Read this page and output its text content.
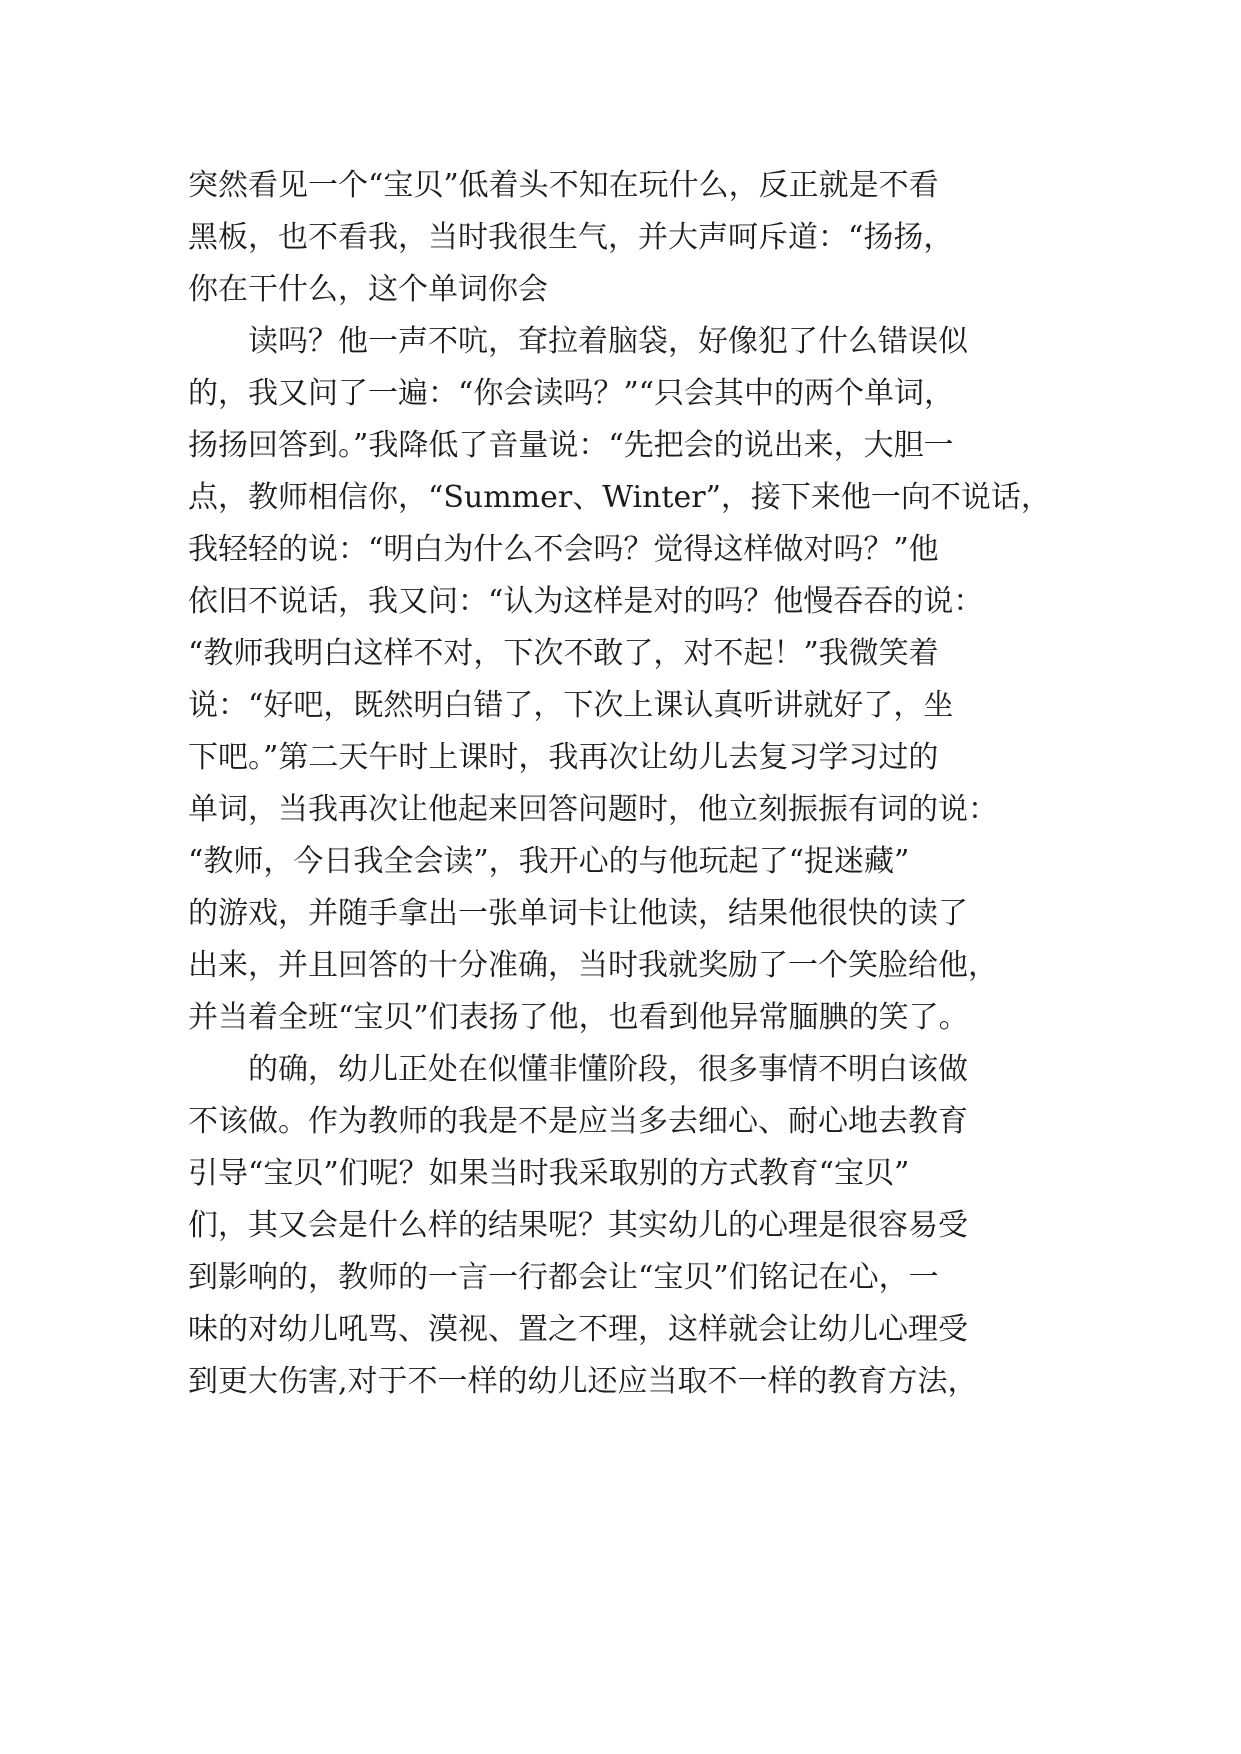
突然看见一个“宝贝”低着头不知在玩什么，反正就是不看
黑板，也不看我，当时我很生气，并大声呵斥道：“扬扬，
你在干什么，这个单词你会
读吗？他一声不吭，耷拉着脑袋，好像犯了什么错误似
的，我又问了一遍：“你会读吗？”“只会其中的两个单词，
扬扬回答到。”我降低了音量说：“先把会的说出来，大胆一
点，教师相信你，“Summer、Winter”，接下来他一向不说话，
我轻轻的说：“明白为什么不会吗？觉得这样做对吗？”他
依旧不说话，我又问：“认为这样是对的吗？他慢吞吞的说：
“教师我明白这样不对，下次不敢了，对不起！”我微笑着
说：“好吧，既然明白错了，下次上课认真听讲就好了，坐
下吧。”第二天午时上课时，我再次让幼儿去复习学习过的
单词，当我再次让他起来回答问题时，他立刻振振有词的说：
“教师，今日我全会读”，我开心的与他玩起了“捉迷藏”
的游戏，并随手拿出一张单词卡让他读，结果他很快的读了
出来，并且回答的十分准确，当时我就奖励了一个笑脸给他，
并当着全班“宝贝”们表扬了他，也看到他异常腼腆的笑了。
的确，幼儿正处在似懂非懂阶段，很多事情不明白该做
不该做。作为教师的我是不是应当多去细心、耐心地去教育
引导“宝贝”们呢？如果当时我采取别的方式教育“宝贝”
们，其又会是什么样的结果呢？其实幼儿的心理是很容易受
到影响的，教师的一言一行都会让“宝贝”们铭记在心，一
味的对幼儿吼骂、漠视、置之不理，这样就会让幼儿心理受
到更大伤害,对于不一样的幼儿还应当取不一样的教育方法，
